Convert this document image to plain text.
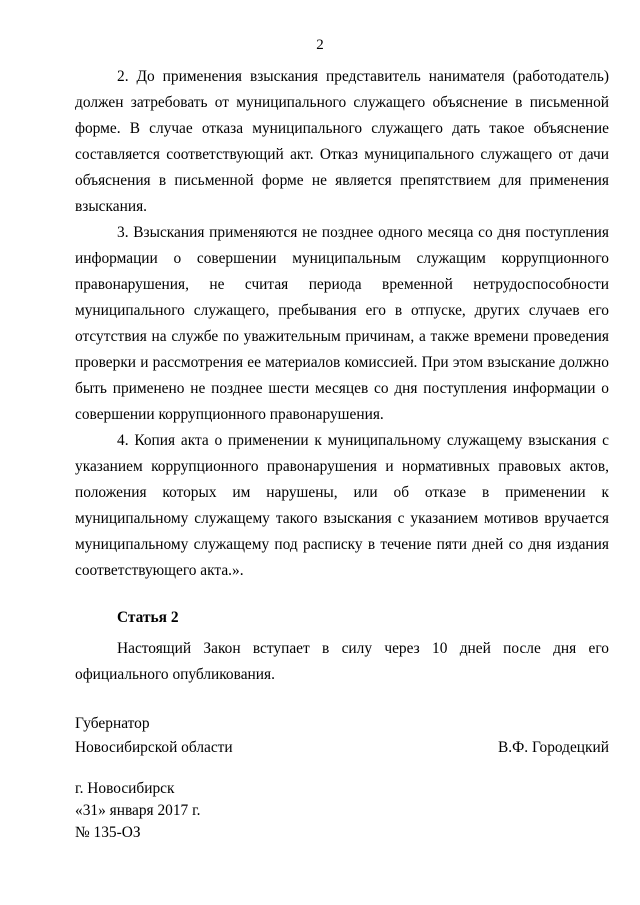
2

2. До применения взыскания представитель нанимателя (работодатель) должен затребовать от муниципального служащего объяснение в письменной форме. В случае отказа муниципального служащего дать такое объяснение составляется соответствующий акт. Отказ муниципального служащего от дачи объяснения в письменной форме не является препятствием для применения взыскания.

3. Взыскания применяются не позднее одного месяца со дня поступления информации о совершении муниципальным служащим коррупционного правонарушения, не считая периода временной нетрудоспособности муниципального служащего, пребывания его в отпуске, других случаев его отсутствия на службе по уважительным причинам, а также времени проведения проверки и рассмотрения ее материалов комиссией. При этом взыскание должно быть применено не позднее шести месяцев со дня поступления информации о совершении коррупционного правонарушения.

4. Копия акта о применении к муниципальному служащему взыскания с указанием коррупционного правонарушения и нормативных правовых актов, положения которых им нарушены, или об отказе в применении к муниципальному служащему такого взыскания с указанием мотивов вручается муниципальному служащему под расписку в течение пяти дней со дня издания соответствующего акта.».

Статья 2

Настоящий Закон вступает в силу через 10 дней после дня его официального опубликования.

Губернатор
Новосибирской области	В.Ф. Городецкий
г. Новосибирск
«31» января 2017 г.
№ 135-ОЗ
